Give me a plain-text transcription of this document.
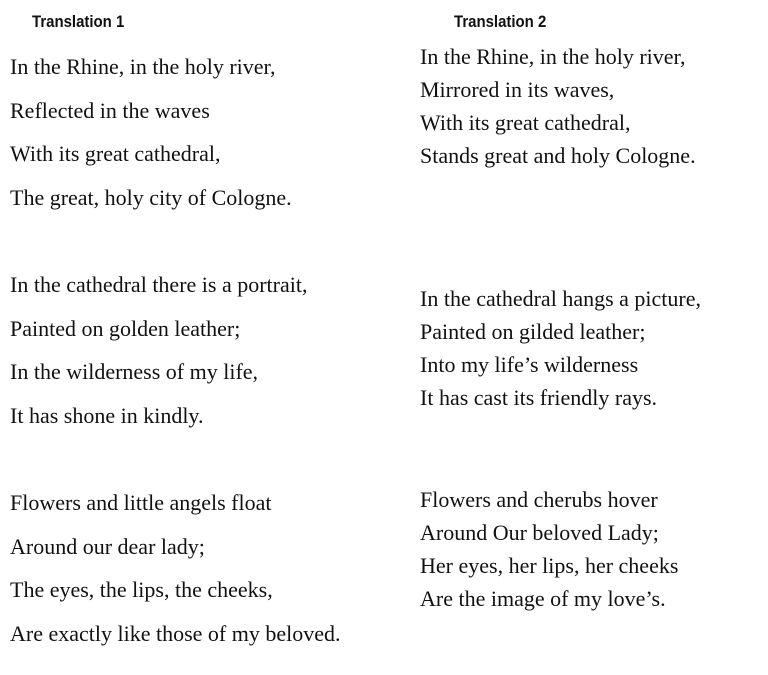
Translation 1
In the Rhine, in the holy river,
Reflected in the waves
With its great cathedral,
The great, holy city of Cologne.
In the cathedral there is a portrait,
Painted on golden leather;
In the wilderness of my life,
It has shone in kindly.
Flowers and little angels float
Around our dear lady;
The eyes, the lips, the cheeks,
Are exactly like those of my beloved.
Translation 2
In the Rhine, in the holy river,
Mirrored in its waves,
With its great cathedral,
Stands great and holy Cologne.
In the cathedral hangs a picture,
Painted on gilded leather;
Into my life’s wilderness
It has cast its friendly rays.
Flowers and cherubs hover
Around Our beloved Lady;
Her eyes, her lips, her cheeks
Are the image of my love’s.
